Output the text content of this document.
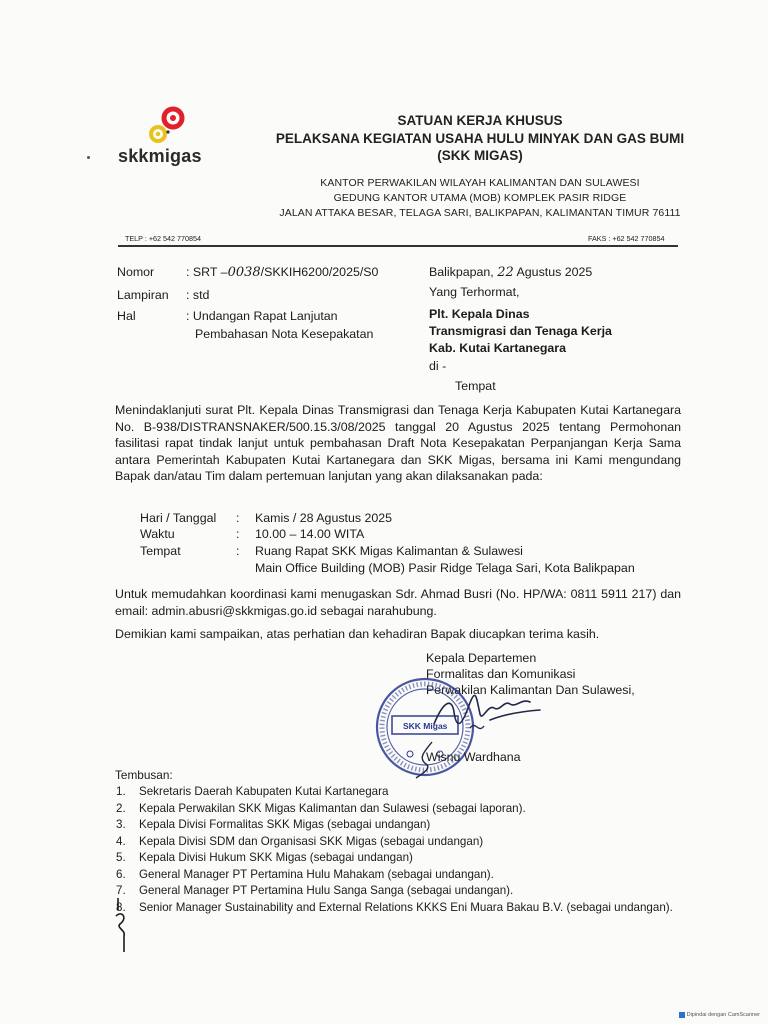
skkmigas
SATUAN KERJA KHUSUS
PELAKSANA KEGIATAN USAHA HULU MINYAK DAN GAS BUMI
(SKK MIGAS)
KANTOR PERWAKILAN WILAYAH KALIMANTAN DAN SULAWESI
GEDUNG KANTOR UTAMA (MOB) KOMPLEK PASIR RIDGE
JALAN ATTAKA BESAR, TELAGA SARI, BALIKPAPAN, KALIMANTAN TIMUR 76111
TELP : +62 542 770854	FAKS : +62 542 770854
Nomor	: SRT –0038/SKKIH6200/2025/S0
Lampiran : std
Hal	: Undangan Rapat Lanjutan
Pembahasan Nota Kesepakatan
Balikpapan, 22 Agustus 2025
Yang Terhormat,
Plt. Kepala Dinas
Transmigrasi dan Tenaga Kerja
Kab. Kutai Kartanegara
di -
Tempat
Menindaklanjuti surat Plt. Kepala Dinas Transmigrasi dan Tenaga Kerja Kabupaten Kutai Kartanegara No. B-938/DISTRANSNAKER/500.15.3/08/2025 tanggal 20 Agustus 2025 tentang Permohonan fasilitasi rapat tindak lanjut untuk pembahasan Draft Nota Kesepakatan Perpanjangan Kerja Sama antara Pemerintah Kabupaten Kutai Kartanegara dan SKK Migas, bersama ini Kami mengundang Bapak dan/atau Tim dalam pertemuan lanjutan yang akan dilaksanakan pada:
Hari / Tanggal : Kamis / 28 Agustus 2025
Waktu	: 10.00 – 14.00 WITA
Tempat	: Ruang Rapat SKK Migas Kalimantan & Sulawesi
Main Office Building (MOB) Pasir Ridge Telaga Sari, Kota Balikpapan
Untuk memudahkan koordinasi kami menugaskan Sdr. Ahmad Busri (No. HP/WA: 0811 5911 217) dan email: admin.abusri@skkmigas.go.id sebagai narahubung.
Demikian kami sampaikan, atas perhatian dan kehadiran Bapak diucapkan terima kasih.
Kepala Departemen
Formalitas dan Komunikasi
Perwakilan Kalimantan Dan Sulawesi,
SKK Migas
Wisnu Wardhana
Tembusan:
1. Sekretaris Daerah Kabupaten Kutai Kartanegara
2. Kepala Perwakilan SKK Migas Kalimantan dan Sulawesi (sebagai laporan).
3. Kepala Divisi Formalitas SKK Migas (sebagai undangan)
4. Kepala Divisi SDM dan Organisasi SKK Migas (sebagai undangan)
5. Kepala Divisi Hukum SKK Migas (sebagai undangan)
6. General Manager PT Pertamina Hulu Mahakam (sebagai undangan).
7. General Manager PT Pertamina Hulu Sanga Sanga (sebagai undangan).
8. Senior Manager Sustainability and External Relations KKKS Eni Muara Bakau B.V. (sebagai undangan).
Dipindai dengan CamScanner
